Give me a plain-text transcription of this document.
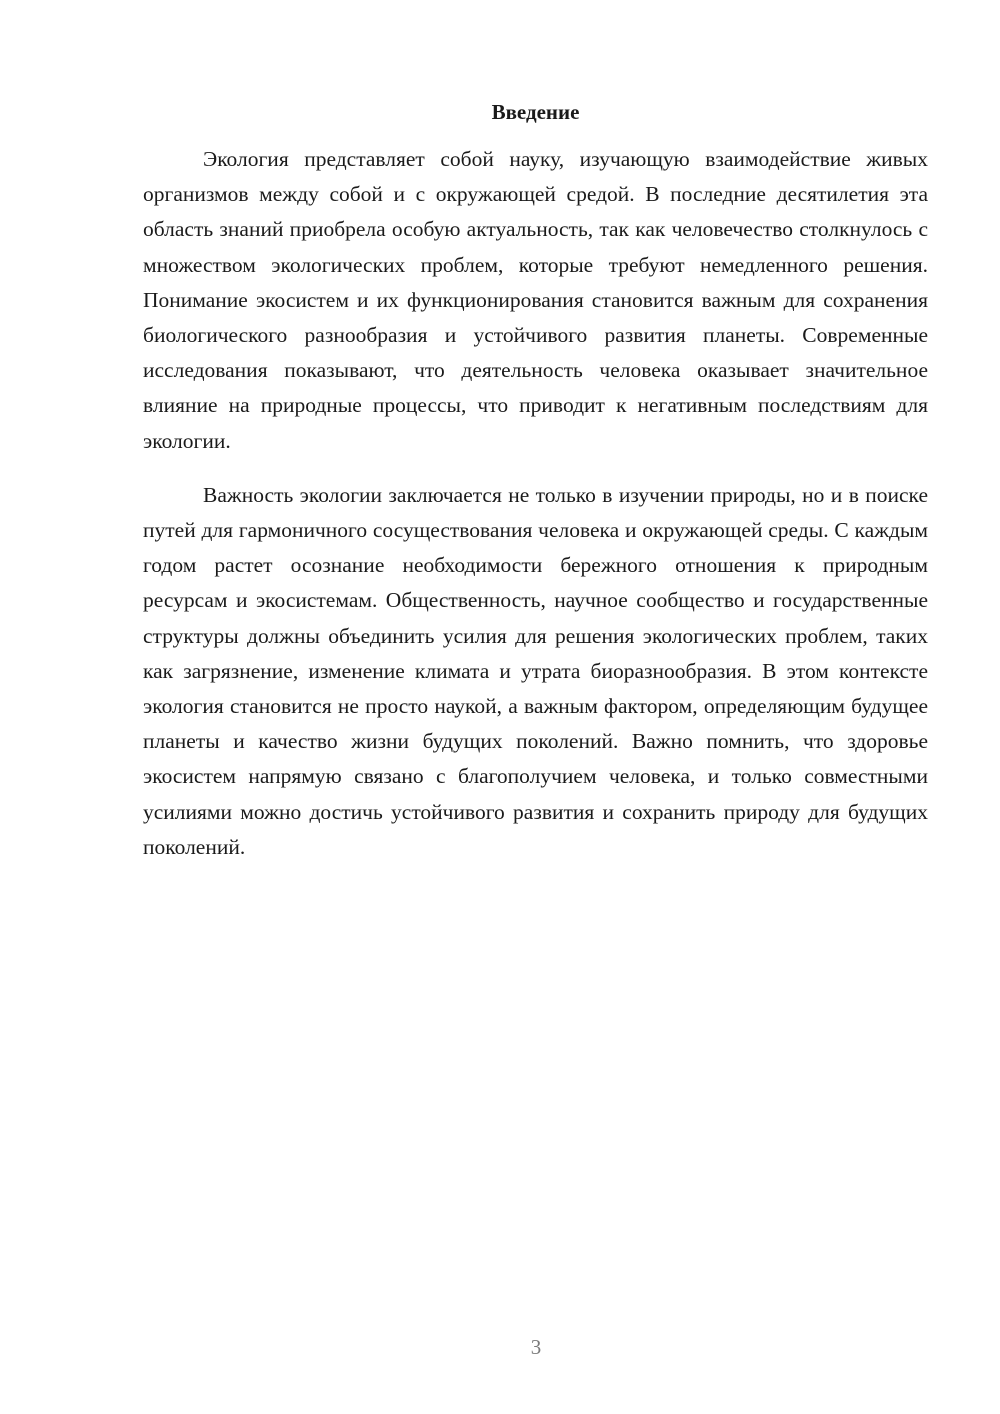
Введение

Экология представляет собой науку, изучающую взаимодействие живых организмов между собой и с окружающей средой. В последние десятилетия эта область знаний приобрела особую актуальность, так как человечество столкнулось с множеством экологических проблем, которые требуют немедленного решения. Понимание экосистем и их функционирования становится важным для сохранения биологического разнообразия и устойчивого развития планеты. Современные исследования показывают, что деятельность человека оказывает значительное влияние на природные процессы, что приводит к негативным последствиям для экологии.

Важность экологии заключается не только в изучении природы, но и в поиске путей для гармоничного сосуществования человека и окружающей среды. С каждым годом растет осознание необходимости бережного отношения к природным ресурсам и экосистемам. Общественность, научное сообщество и государственные структуры должны объединить усилия для решения экологических проблем, таких как загрязнение, изменение климата и утрата биоразнообразия. В этом контексте экология становится не просто наукой, а важным фактором, определяющим будущее планеты и качество жизни будущих поколений. Важно помнить, что здоровье экосистем напрямую связано с благополучием человека, и только совместными усилиями можно достичь устойчивого развития и сохранить природу для будущих поколений.

3
